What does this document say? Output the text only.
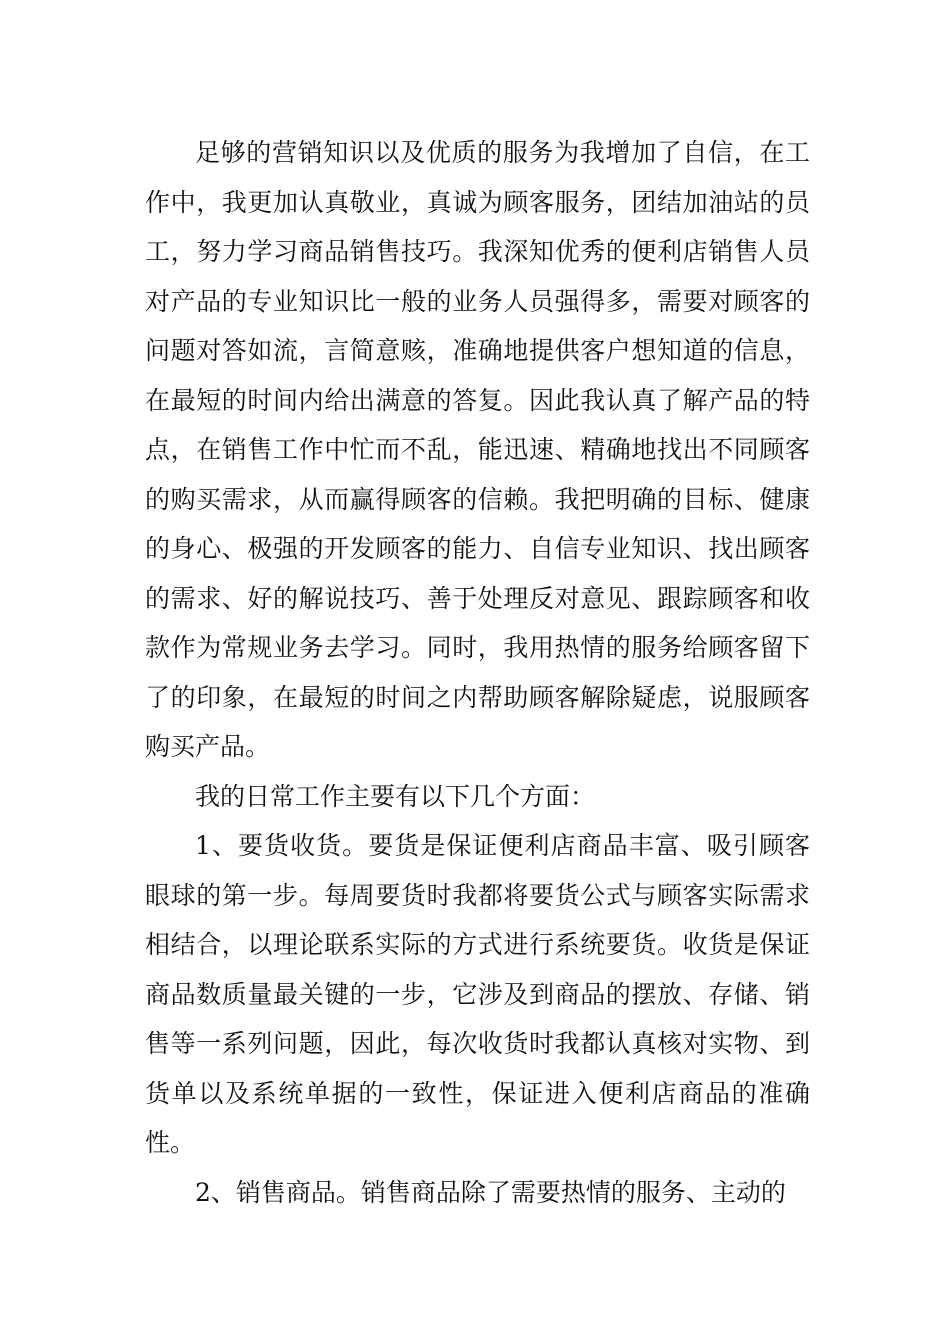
足够的营销知识以及优质的服务为我增加了自信，在工作中，我更加认真敬业，真诚为顾客服务，团结加油站的员工，努力学习商品销售技巧。我深知优秀的便利店销售人员对产品的专业知识比一般的业务人员强得多，需要对顾客的问题对答如流，言简意赅，准确地提供客户想知道的信息，在最短的时间内给出满意的答复。因此我认真了解产品的特点，在销售工作中忙而不乱，能迅速、精确地找出不同顾客的购买需求，从而赢得顾客的信赖。我把明确的目标、健康的身心、极强的开发顾客的能力、自信专业知识、找出顾客的需求、好的解说技巧、善于处理反对意见、跟踪顾客和收款作为常规业务去学习。同时，我用热情的服务给顾客留下了的印象，在最短的时间之内帮助顾客解除疑虑，说服顾客购买产品。

我的日常工作主要有以下几个方面：

1、要货收货。要货是保证便利店商品丰富、吸引顾客眼球的第一步。每周要货时我都将要货公式与顾客实际需求相结合，以理论联系实际的方式进行系统要货。收货是保证商品数质量最关键的一步，它涉及到商品的摆放、存储、销售等一系列问题，因此，每次收货时我都认真核对实物、到货单以及系统单据的一致性，保证进入便利店商品的准确性。

2、销售商品。销售商品除了需要热情的服务、主动的
